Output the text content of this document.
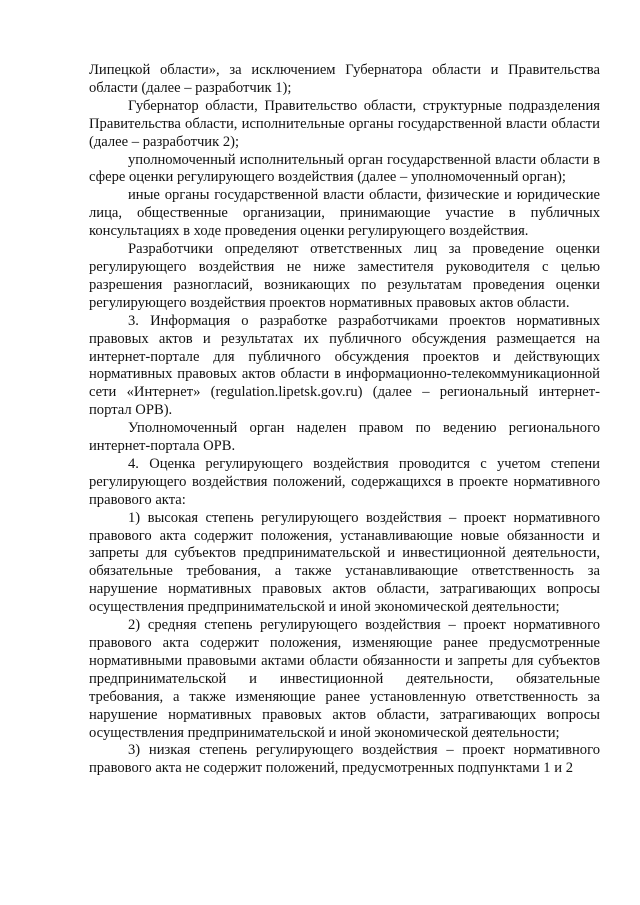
Липецкой области», за исключением Губернатора области и Правительства области (далее – разработчик 1);

Губернатор области, Правительство области, структурные подразделения Правительства области, исполнительные органы государственной власти области (далее – разработчик 2);

уполномоченный исполнительный орган государственной власти области в сфере оценки регулирующего воздействия (далее – уполномоченный орган);

иные органы государственной власти области, физические и юридические лица, общественные организации, принимающие участие в публичных консультациях в ходе проведения оценки регулирующего воздействия.

Разработчики определяют ответственных лиц за проведение оценки регулирующего воздействия не ниже заместителя руководителя с целью разрешения разногласий, возникающих по результатам проведения оценки регулирующего воздействия проектов нормативных правовых актов области.

3. Информация о разработке разработчиками проектов нормативных правовых актов и результатах их публичного обсуждения размещается на интернет-портале для публичного обсуждения проектов и действующих нормативных правовых актов области в информационно-телекоммуникационной сети «Интернет» (regulation.lipetsk.gov.ru) (далее – региональный интернет-портал ОРВ).

Уполномоченный орган наделен правом по ведению регионального интернет-портала ОРВ.

4. Оценка регулирующего воздействия проводится с учетом степени регулирующего воздействия положений, содержащихся в проекте нормативного правового акта:

1) высокая степень регулирующего воздействия – проект нормативного правового акта содержит положения, устанавливающие новые обязанности и запреты для субъектов предпринимательской и инвестиционной деятельности, обязательные требования, а также устанавливающие ответственность за нарушение нормативных правовых актов области, затрагивающих вопросы осуществления предпринимательской и иной экономической деятельности;

2) средняя степень регулирующего воздействия – проект нормативного правового акта содержит положения, изменяющие ранее предусмотренные нормативными правовыми актами области обязанности и запреты для субъектов предпринимательской и инвестиционной деятельности, обязательные требования, а также изменяющие ранее установленную ответственность за нарушение нормативных правовых актов области, затрагивающих вопросы осуществления предпринимательской и иной экономической деятельности;

3) низкая степень регулирующего воздействия – проект нормативного правового акта не содержит положений, предусмотренных подпунктами 1 и 2
